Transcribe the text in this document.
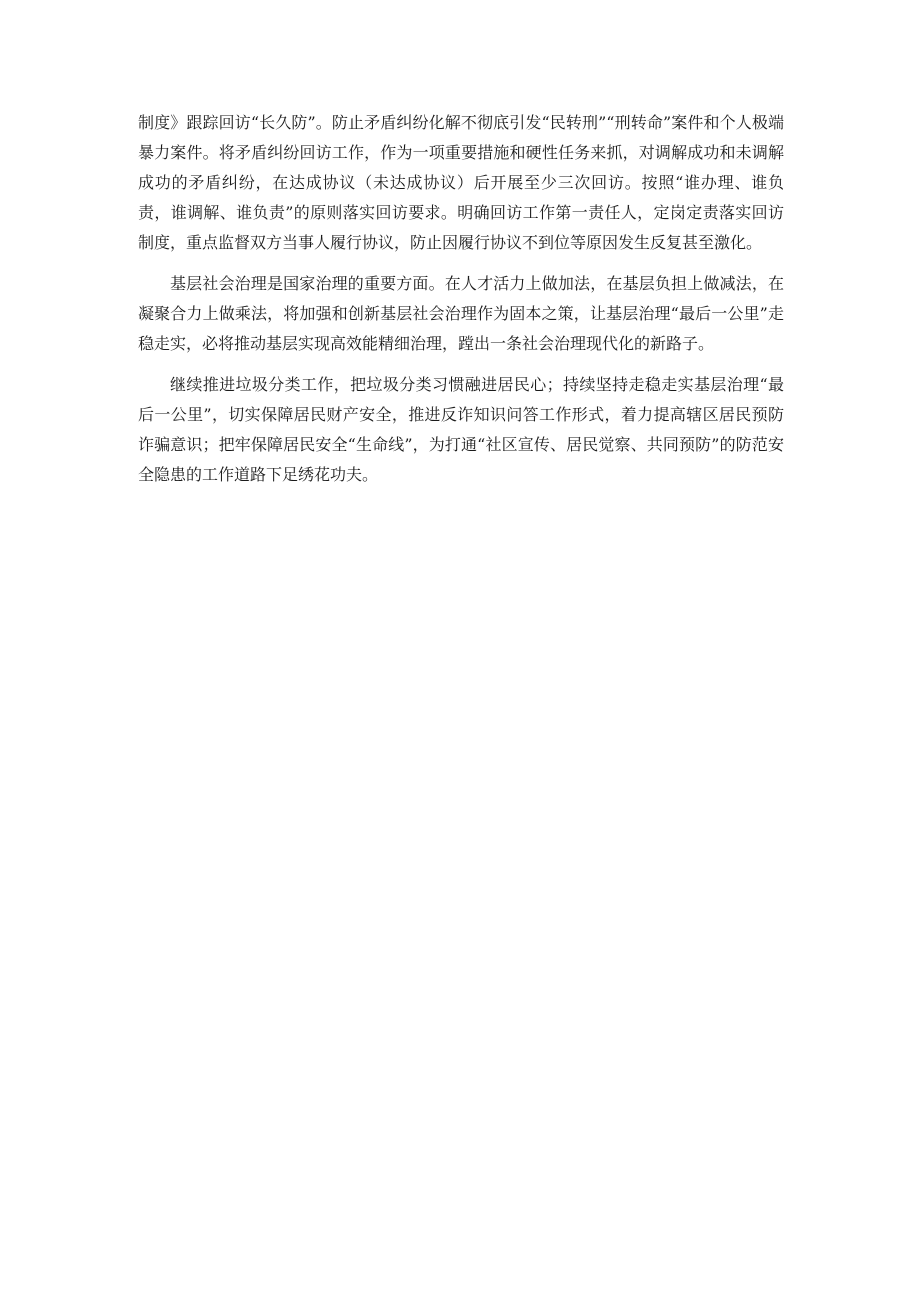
制度》跟踪回访“长久防”。防止矛盾纠纷化解不彻底引发“民转刑”“刑转命”案件和个人极端暴力案件。将矛盾纠纷回访工作，作为一项重要措施和硬性任务来抓，对调解成功和未调解成功的矛盾纠纷，在达成协议（未达成协议）后开展至少三次回访。按照“谁办理、谁负责，谁调解、谁负责”的原则落实回访要求。明确回访工作第一责任人，定岗定责落实回访制度，重点监督双方当事人履行协议，防止因履行协议不到位等原因发生反复甚至激化。

基层社会治理是国家治理的重要方面。在人才活力上做加法，在基层负担上做减法，在凝聚合力上做乘法，将加强和创新基层社会治理作为固本之策，让基层治理“最后一公里”走稳走实，必将推动基层实现高效能精细治理，蹚出一条社会治理现代化的新路子。

继续推进垃圾分类工作，把垃圾分类习惯融进居民心；持续坚持走稳走实基层治理“最后一公里”，切实保障居民财产安全，推进反诈知识问答工作形式，着力提高辖区居民预防诈骗意识；把牢保障居民安全“生命线”，为打通“社区宣传、居民觉察、共同预防”的防范安全隐患的工作道路下足绣花功夫。
